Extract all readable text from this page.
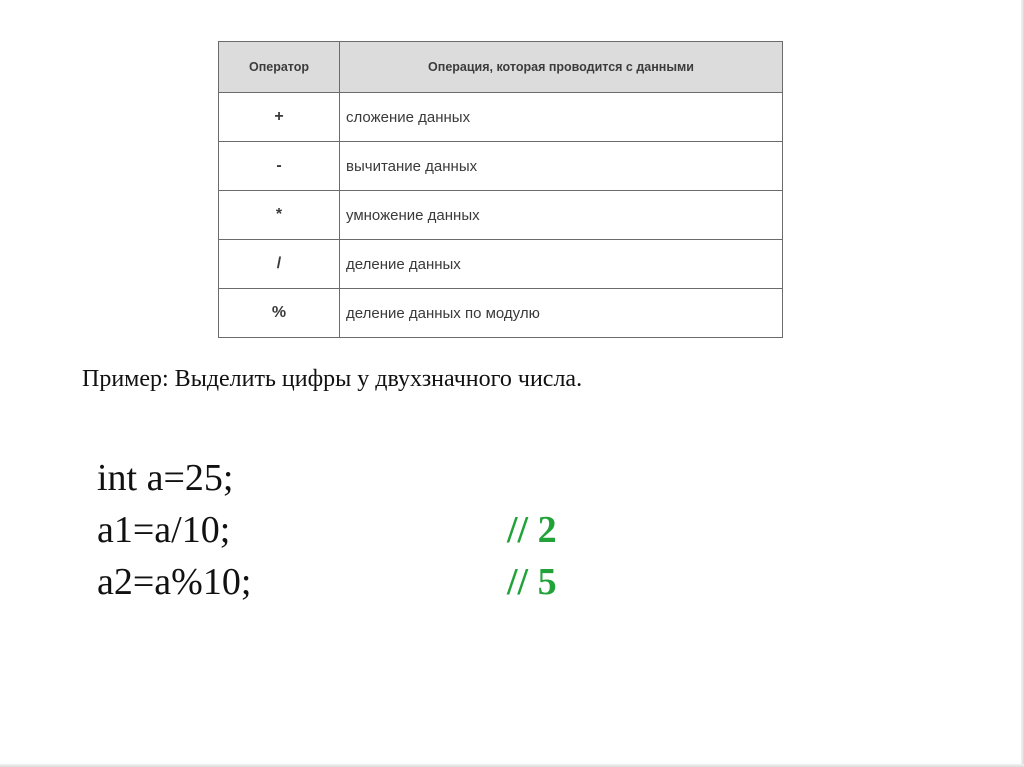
Оператор	Операция, которая проводится с данными
+	сложение данных
-	вычитание данных
*	умножение данных
/	деление данных
%	деление данных по модулю
Пример: Выделить цифры у двухзначного числа.
int a=25;
a1=a/10;	// 2
a2=a%10;	// 5
